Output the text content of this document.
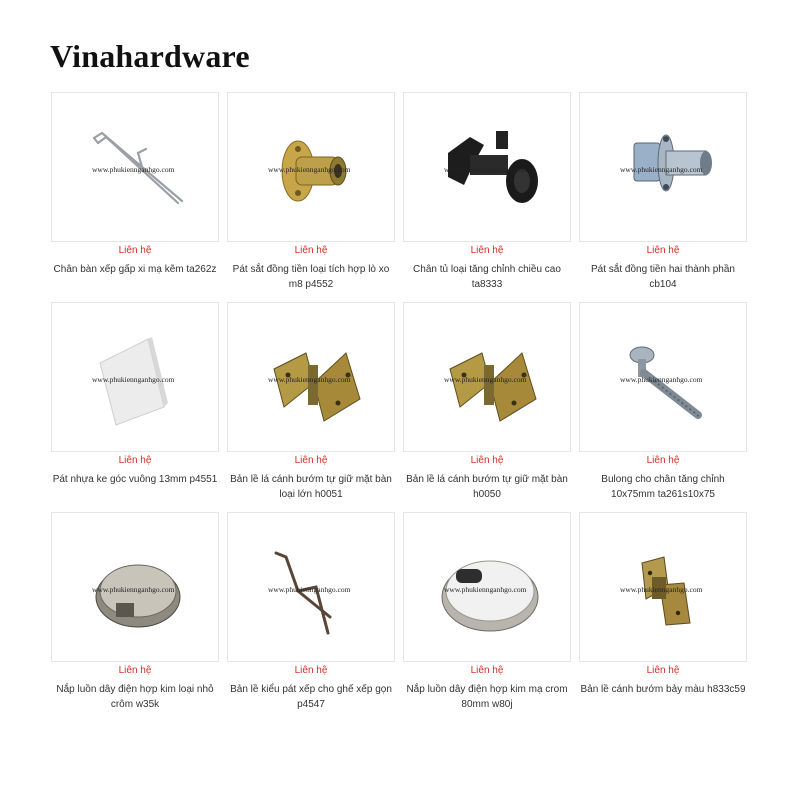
Vinahardware
www.phukiennganhgo.com
Liên hệ
Chân bàn xếp gấp xi mạ kẽm ta262z
www.phukiennganhgo.com
Liên hệ
Pát sắt đồng tiền loại tích hợp lò xo m8 p4552
www.phukiennganhgo.com
Liên hệ
Chân tủ loại tăng chỉnh chiều cao ta8333
www.phukiennganhgo.com
Liên hệ
Pát sắt đồng tiền hai thành phần cb104
www.phukiennganhgo.com
Liên hệ
Pát nhựa ke góc vuông 13mm p4551
www.phukiennganhgo.com
Liên hệ
Bản lề lá cánh bướm tự giữ mặt bàn loại lớn h0051
www.phukiennganhgo.com
Liên hệ
Bản lề lá cánh bướm tự giữ mặt bàn h0050
www.phukiennganhgo.com
Liên hệ
Bulong cho chân tăng chỉnh 10x75mm ta261s10x75
www.phukiennganhgo.com
Liên hệ
Nắp luồn dây điện hợp kim loại nhỏ crôm w35k
www.phukiennganhgo.com
Liên hệ
Bản lề kiểu pát xếp cho ghế xếp gọn p4547
www.phukiennganhgo.com
Liên hệ
Nắp luồn dây điện hợp kim mạ crom 80mm w80j
www.phukiennganhgo.com
Liên hệ
Bản lề cánh bướm bảy màu h833c59
